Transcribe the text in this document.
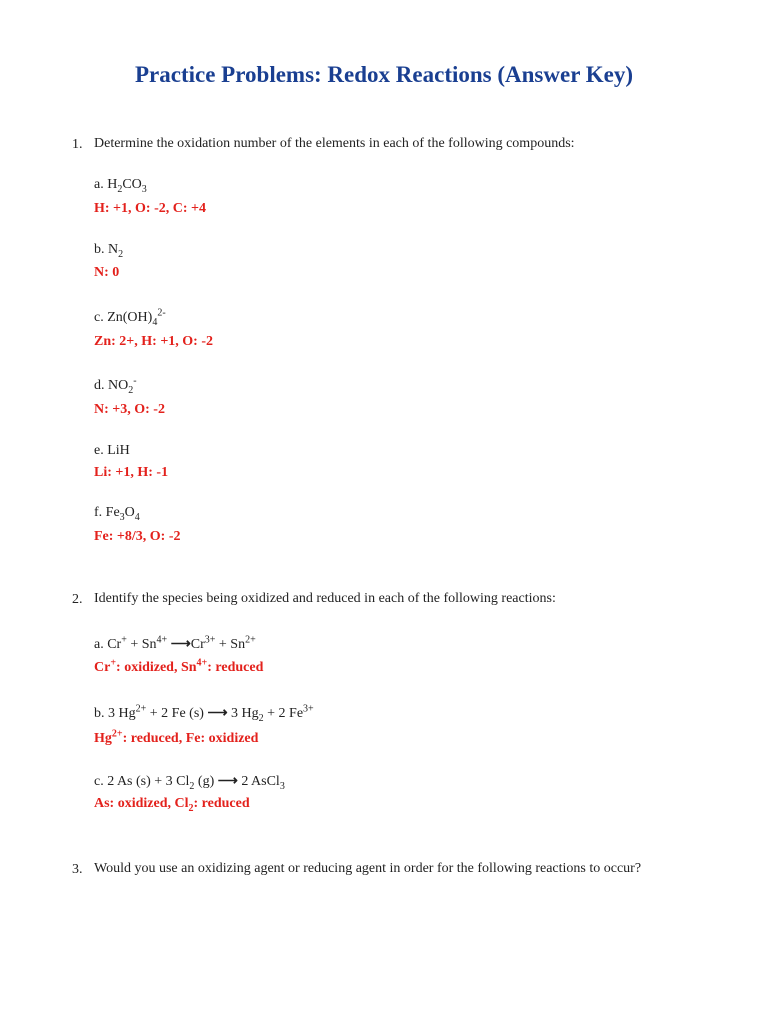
Practice Problems: Redox Reactions (Answer Key)
1. Determine the oxidation number of the elements in each of the following compounds:
a. $H_2CO_3$
H: +1, O: -2, C: +4
b. $N_2$
N: 0
c. $Zn(OH)_4^{2-}$
Zn: 2+, H: +1, O: -2
d. $NO_2^-$
N: +3, O: -2
e. LiH
Li: +1, H: -1
f. $Fe_3O_4$
Fe: +8/3, O: -2
2. Identify the species being oxidized and reduced in each of the following reactions:
a. $Cr^+ + Sn^{4+}$ $⟶Cr^{3+} + Sn^{2+}$
Cr+: oxidized, $Sn^{4+}$: reduced
b. 3 $Hg^{2+} + 2$ Fe (s) ⟶ 3 $Hg_2 + 2$ $Fe^{3+}$
$Hg^{2+}$: reduced, Fe: oxidized
c. 2 As (s) + 3 $Cl_2$ (g) ⟶ 2 AsCl$_3$
As: oxidized, $Cl_2$: reduced
3. Would you use an oxidizing agent or reducing agent in order for the following reactions to occur?
